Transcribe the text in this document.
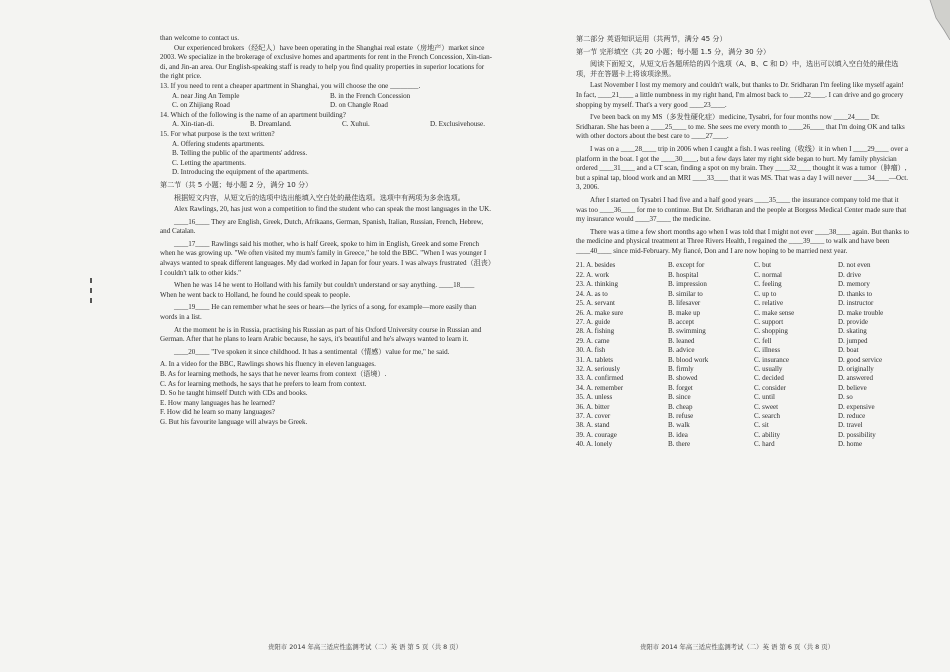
than welcome to contact us.

Our experienced brokers（经纪人）have been operating in the Shanghai real estate（房地产）market since 2003. We specialize in the brokerage of exclusive homes and apartments for rent in the French Concession, Xin-tian-di, and Jin-an area. Our English-speaking staff is ready to help you find quality properties in superior locations for the right price.

13. If you need to rent a cheaper apartment in Shanghai, you will choose the one ________.

A. near Jing An Temple	B. in the French Concession
C. on Zhijiang Road	D. on Changle Road

14. Which of the following is the name of an apartment building?

A. Xin-tian-di.	B. Dreamland.	C. Xuhui.	D. Exclusivehouse.

15. For what purpose is the text written?

A. Offering students apartments.

B. Telling the public of the apartments' address.

C. Letting the apartments.

D. Introducing the equipment of the apartments.

第二节（共 5 小题；每小题 2 分，满分 10 分）

根据短文内容，从短文后的选项中选出能填入空白处的最佳选项。选项中有两项为多余选项。

Alex Rawlings, 20, has just won a competition to find the student who can speak the most languages in the UK.

____16____ They are English, Greek, Dutch, Afrikaans, German, Spanish, Italian, Russian, French, Hebrew, and Catalan.

____17____ Rawlings said his mother, who is half Greek, spoke to him in English, Greek and some French when he was growing up. "We often visited my mum's family in Greece," he told the BBC. "When I was younger I always wanted to speak different languages. My dad worked in Japan for four years. I was always frustrated（沮丧）I couldn't talk to other kids."

When he was 14 he went to Holland with his family but couldn't understand or say anything. ____18____ When he went back to Holland, he found he could speak to people.

____19____ He can remember what he sees or hears—the lyrics of a song, for example—more easily than words in a list.

At the moment he is in Russia, practising his Russian as part of his Oxford University course in Russian and German. After that he plans to learn Arabic because, he says, it's beautiful and he's always wanted to learn it.

____20____ "I've spoken it since childhood. It has a sentimental（情感）value for me," he said.

A. In a video for the BBC, Rawlings shows his fluency in eleven languages.

B. As for learning methods, he says that he never learns from context（语境）.

C. As for learning methods, he says that he prefers to learn from context.

D. So he taught himself Dutch with CDs and books.

E. How many languages has he learned?

F. How did he learn so many languages?

G. But his favourite language will always be Greek.

贵阳市 2014 年高三适应性监测考试（二）英 语 第 5 页（共 8 页）

第二部分 英语知识运用（共两节，满分 45 分）

第一节 完形填空（共 20 小题；每小题 1.5 分，满分 30 分）

阅读下面短文，从短文后各题所给的四个选项（A、B、C 和 D）中，选出可以填入空白处的最佳选项，并在答题卡上将该项涂黑。

Last November I lost my memory and couldn't walk, but thanks to Dr. Sridharan I'm feeling like myself again! In fact, ____21____ a little numbness in my right hand, I'm almost back to ____22____. I can drive and go grocery shopping by myself. That's a very good ____23____.

I've been back on my MS（多发性硬化症）medicine, Tysabri, for four months now ____24____ Dr. Sridharan. She has been a ____25____ to me. She sees me every month to ____26____ that I'm doing OK and talks with other doctors about the best care to ____27____.

I was on a ____28____ trip in 2006 when I caught a fish. I was reeling（收线）it in when I ____29____ over a platform in the boat. I got the ____30____, but a few days later my right side began to hurt. My family physician ordered ____31____ and a CT scan, finding a spot on my brain. They ____32____ thought it was a tumor（肿瘤）, but a spinal tap, blood work and an MRI ____33____ that it was MS. That was a day I will never ____34____—Oct. 3, 2006.

After I started on Tysabri I had five and a half good years ____35____ the insurance company told me that it was too ____36____ for me to continue. But Dr. Sridharan and the people at Borgess Medical Center made sure that my insurance would ____37____ the medicine.

There was a time a few short months ago when I was told that I might not ever ____38____ again. But thanks to the medicine and physical treatment at Three Rivers Health, I regained the ____39____ to walk and have been ____40____ since mid-February. My fiancé, Don and I are now hoping to be married next year.

21. A. besides	B. except for	C. but	D. not even
22. A. work	B. hospital	C. normal	D. drive
23. A. thinking	B. impression	C. feeling	D. memory
24. A. as to	B. similar to	C. up to	D. thanks to
25. A. servant	B. lifesaver	C. relative	D. instructor
26. A. make sure	B. make up	C. make sense	D. make trouble
27. A. guide	B. accept	C. support	D. provide
28. A. fishing	B. swimming	C. shopping	D. skating
29. A. came	B. leaned	C. fell	D. jumped
30. A. fish	B. advice	C. illness	D. boat
31. A. tablets	B. blood work	C. insurance	D. good service
32. A. seriously	B. firmly	C. usually	D. originally
33. A. confirmed	B. showed	C. decided	D. answered
34. A. remember	B. forget	C. consider	D. believe
35. A. unless	B. since	C. until	D. so
36. A. bitter	B. cheap	C. sweet	D. expensive
37. A. cover	B. refuse	C. search	D. reduce
38. A. stand	B. walk	C. sit	D. travel
39. A. courage	B. idea	C. ability	D. possibility
40. A. lonely	B. there	C. hard	D. home
贵阳市 2014 年高三适应性监测考试（二）英 语 第 6 页（共 8 页）
